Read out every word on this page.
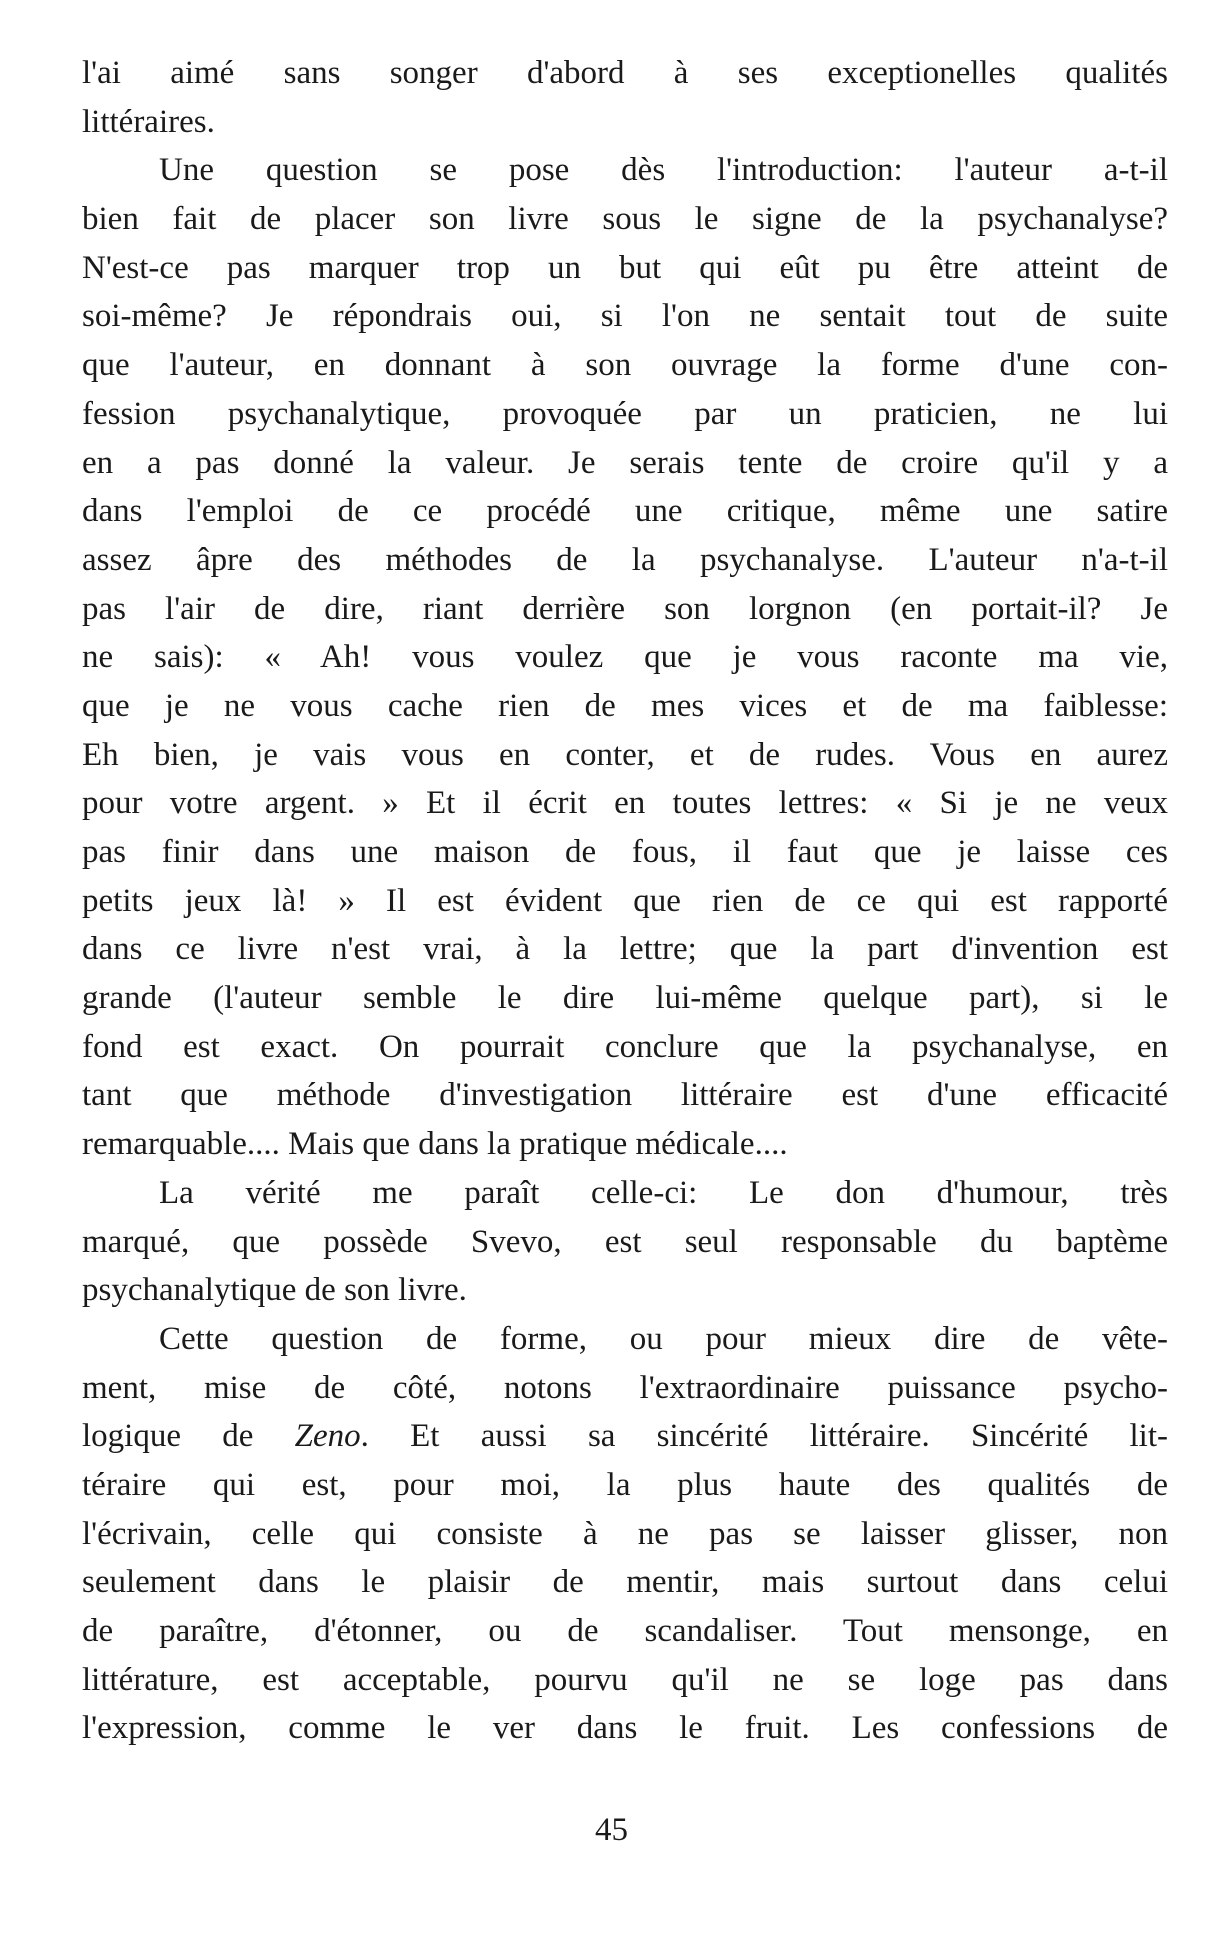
l'ai aimé sans songer d'abord à ses exceptionelles qualités
littéraires.
Une question se pose dès l'introduction: l'auteur a-t-il
bien fait de placer son livre sous le signe de la psychanalyse?
N'est-ce pas marquer trop un but qui eût pu être atteint de
soi-même? Je répondrais oui, si l'on ne sentait tout de suite
que l'auteur, en donnant à son ouvrage la forme d'une con-
fession psychanalytique, provoquée par un praticien, ne lui
en a pas donné la valeur. Je serais tente de croire qu'il y a
dans l'emploi de ce procédé une critique, même une satire
assez âpre des méthodes de la psychanalyse. L'auteur n'a-t-il
pas l'air de dire, riant derrière son lorgnon (en portait-il? Je
ne sais): « Ah! vous voulez que je vous raconte ma vie,
que je ne vous cache rien de mes vices et de ma faiblesse:
Eh bien, je vais vous en conter, et de rudes. Vous en aurez
pour votre argent. » Et il écrit en toutes lettres: « Si je ne veux
pas finir dans une maison de fous, il faut que je laisse ces
petits jeux là! » Il est évident que rien de ce qui est rapporté
dans ce livre n'est vrai, à la lettre; que la part d'invention est
grande (l'auteur semble le dire lui-même quelque part), si le
fond est exact. On pourrait conclure que la psychanalyse, en
tant que méthode d'investigation littéraire est d'une efficacité
remarquable.... Mais que dans la pratique médicale....
La vérité me paraît celle-ci: Le don d'humour, très
marqué, que possède Svevo, est seul responsable du baptème
psychanalytique de son livre.
Cette question de forme, ou pour mieux dire de vête-
ment, mise de côté, notons l'extraordinaire puissance psycho-
logique de Zeno. Et aussi sa sincérité littéraire. Sincérité lit-
téraire qui est, pour moi, la plus haute des qualités de
l'écrivain, celle qui consiste à ne pas se laisser glisser, non
seulement dans le plaisir de mentir, mais surtout dans celui
de paraître, d'étonner, ou de scandaliser. Tout mensonge, en
littérature, est acceptable, pourvu qu'il ne se loge pas dans
l'expression, comme le ver dans le fruit. Les confessions de
45
